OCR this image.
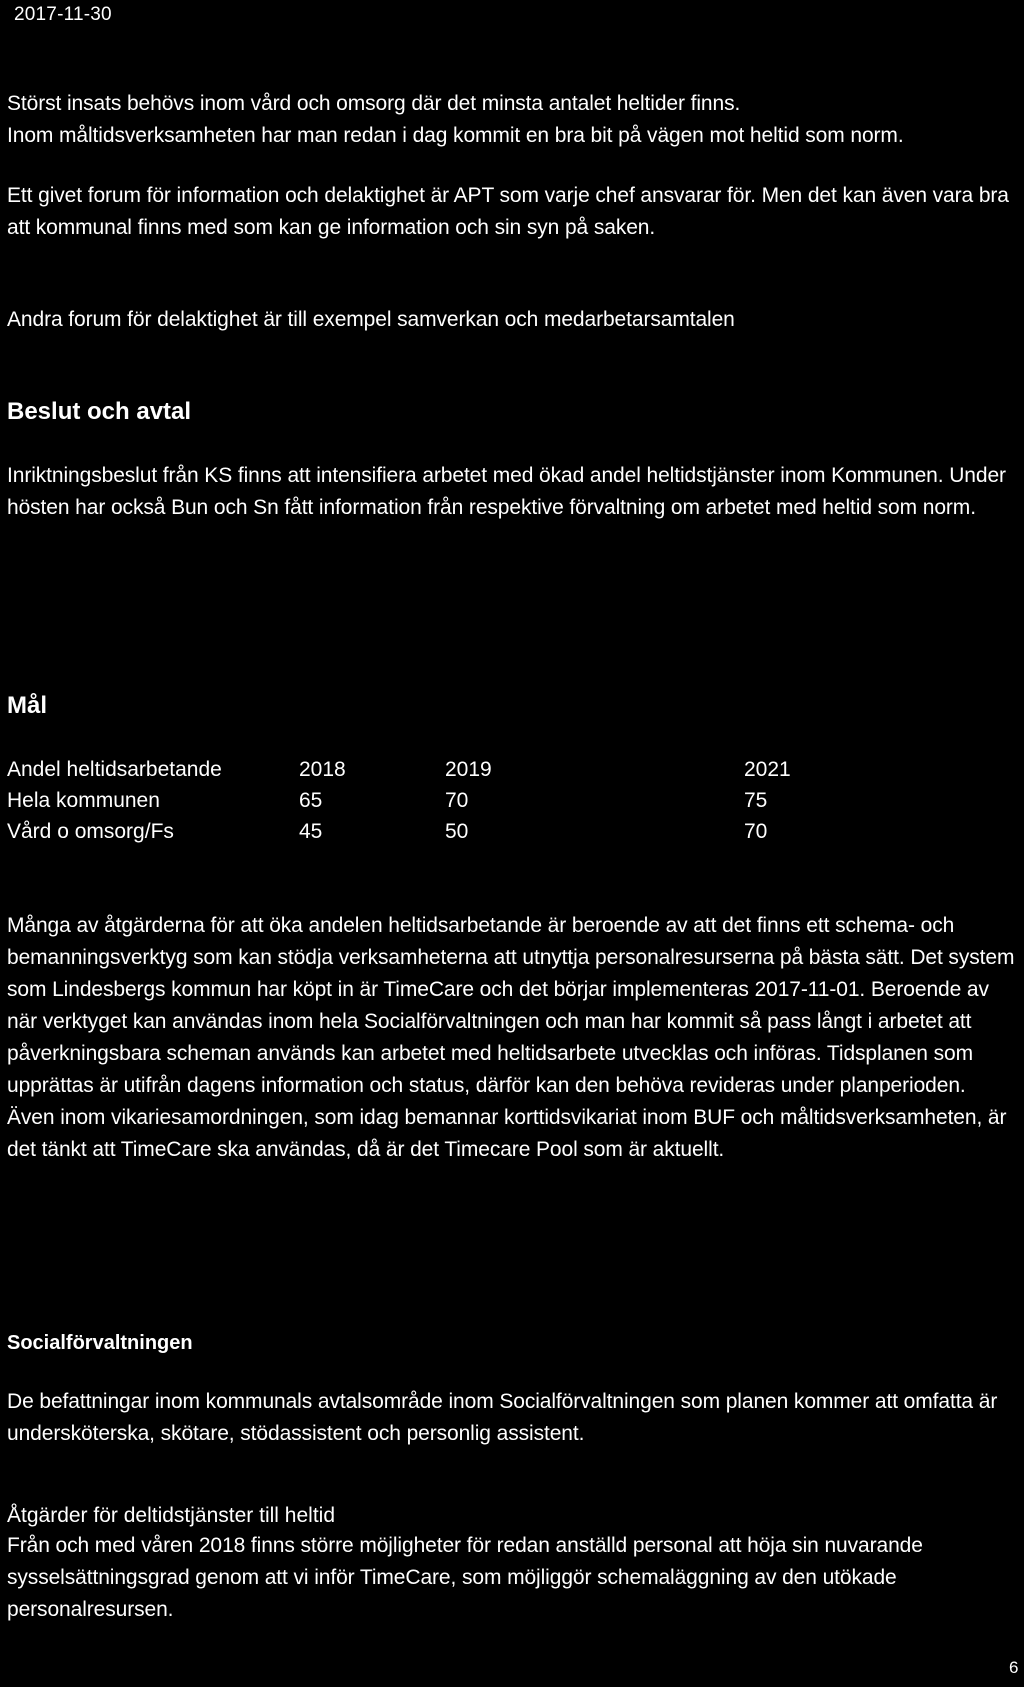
2017-11-30

Störst insats behövs inom vård och omsorg där det minsta antalet heltider finns.
Inom måltidsverksamheten har man redan i dag kommit en bra bit på vägen mot heltid som norm.

Ett givet forum för information och delaktighet är APT som varje chef ansvarar för. Men det kan även vara bra att kommunal finns med som kan ge information och sin syn på saken.

Andra forum för delaktighet är till exempel samverkan och medarbetarsamtalen

Beslut och avtal

Inriktningsbeslut från KS finns att intensifiera arbetet med ökad andel heltidstjänster inom Kommunen. Under hösten har också Bun och Sn fått information från respektive förvaltning om arbetet med heltid som norm.

Mål
Andel heltidsarbetande	2018	2019	2021
Hela kommunen	65	70	75
Vård o omsorg/Fs	45	50	70

Många av åtgärderna för att öka andelen heltidsarbetande är beroende av att det finns ett schema- och bemanningsverktyg som kan stödja verksamheterna att utnyttja personalresurserna på bästa sätt. Det system som Lindesbergs kommun har köpt in är TimeCare och det börjar implementeras 2017-11-01. Beroende av när verktyget kan användas inom hela Socialförvaltningen och man har kommit så pass långt i arbetet att påverkningsbara scheman används kan arbetet med heltidsarbete utvecklas och införas. Tidsplanen som upprättas är utifrån dagens information och status, därför kan den behöva revideras under planperioden. Även inom vikariesamordningen, som idag bemannar korttidsvikariat inom BUF och måltidsverksamheten, är det tänkt att TimeCare ska användas, då är det Timecare Pool som är aktuellt.

Socialförvaltningen

De befattningar inom kommunals avtalsområde inom Socialförvaltningen som planen kommer att omfatta är undersköterska, skötare, stödassistent och personlig assistent.

Åtgärder för deltidstjänster till heltid

Från och med våren 2018 finns större möjligheter för redan anställd personal att höja sin nuvarande sysselsättningsgrad genom att vi inför TimeCare, som möjliggör schemaläggning av den utökade personalresursen.

6
